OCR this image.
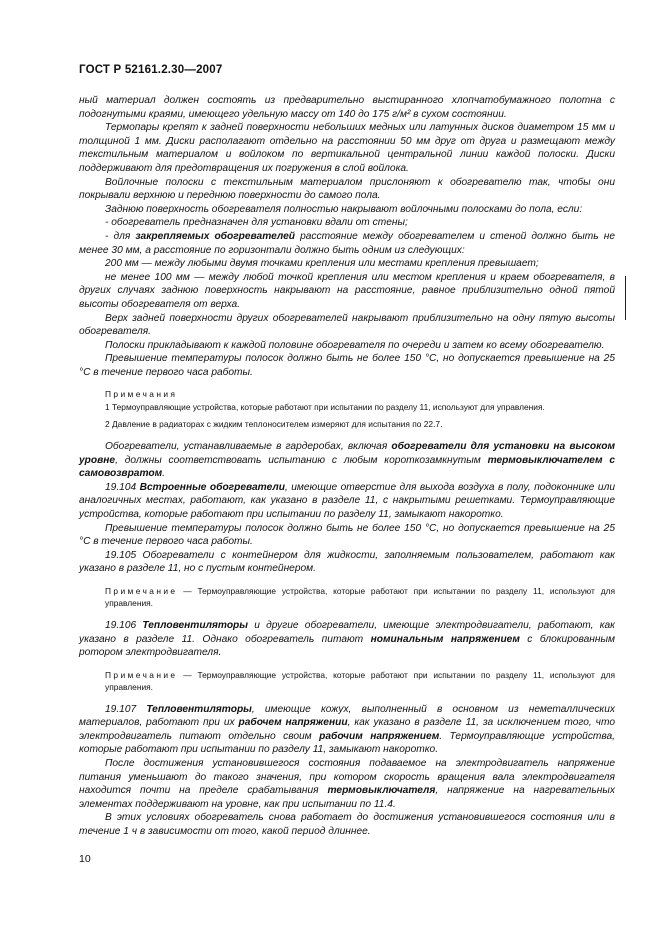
ГОСТ Р 52161.2.30—2007

ный материал должен состоять из предварительно выстиранного хлопчатобумажного полотна с подогнутыми краями, имеющего удельную массу от 140 до 175 г/м² в сухом состоянии.

Термопары крепят к задней поверхности небольших медных или латунных дисков диаметром 15 мм и толщиной 1 мм. Диски располагают отдельно на расстоянии 50 мм друг от друга и размещают между текстильным материалом и войлоком по вертикальной центральной линии каждой полоски. Диски поддерживают для предотвращения их погружения в слой войлока.

Войлочные полоски с текстильным материалом прислоняют к обогревателю так, чтобы они покрывали верхнюю и переднюю поверхности до самого пола.

Заднюю поверхность обогревателя полностью накрывают войлочными полосками до пола, если:

- обогреватель предназначен для установки вдали от стены;

- для закрепляемых обогревателей расстояние между обогревателем и стеной должно быть не менее 30 мм, а расстояние по горизонтали должно быть одним из следующих:

200 мм — между любыми двумя точками крепления или местами крепления превышает;

не менее 100 мм — между любой точкой крепления или местом крепления и краем обогревателя, в других случаях заднюю поверхность накрывают на расстояние, равное приблизительно одной пятой высоты обогревателя от верха.

Верх задней поверхности других обогревателей накрывают приблизительно на одну пятую высоты обогревателя.

Полоски прикладывают к каждой половине обогревателя по очереди и затем ко всему обогревателю.

Превышение температуры полосок должно быть не более 150 °C, но допускается превышение на 25 °C в течение первого часа работы.

Примечания

1 Термоуправляющие устройства, которые работают при испытании по разделу 11, используют для управления.

2 Давление в радиаторах с жидким теплоносителем измеряют для испытания по 22.7.

Обогреватели, устанавливаемые в гардеробах, включая обогреватели для установки на высоком уровне, должны соответствовать испытанию с любым короткозамкнутым термовыключателем с самовозвратом.

19.104 Встроенные обогреватели, имеющие отверстие для выхода воздуха в полу, подоконнике или аналогичных местах, работают, как указано в разделе 11, с накрытыми решетками. Термоуправляющие устройства, которые работают при испытании по разделу 11, замыкают накоротко.

Превышение температуры полосок должно быть не более 150 °C, но допускается превышение на 25 °C в течение первого часа работы.

19.105 Обогреватели с контейнером для жидкости, заполняемым пользователем, работают как указано в разделе 11, но с пустым контейнером.

Примечание — Термоуправляющие устройства, которые работают при испытании по разделу 11, используют для управления.

19.106 Тепловентиляторы и другие обогреватели, имеющие электродвигатели, работают, как указано в разделе 11. Однако обогреватель питают номинальным напряжением с блокированным ротором электродвигателя.

Примечание — Термоуправляющие устройства, которые работают при испытании по разделу 11, используют для управления.

19.107 Тепловентиляторы, имеющие кожух, выполненный в основном из неметаллических материалов, работают при их рабочем напряжении, как указано в разделе 11, за исключением того, что электродвигатель питают отдельно своим рабочим напряжением. Термоуправляющие устройства, которые работают при испытании по разделу 11, замыкают накоротко.

После достижения установившегося состояния подаваемое на электродвигатель напряжение питания уменьшают до такого значения, при котором скорость вращения вала электродвигателя находится почти на пределе срабатывания термовыключателя, напряжение на нагревательных элементах поддерживают на уровне, как при испытании по 11.4.

В этих условиях обогреватель снова работает до достижения установившегося состояния или в течение 1 ч в зависимости от того, какой период длиннее.

10
